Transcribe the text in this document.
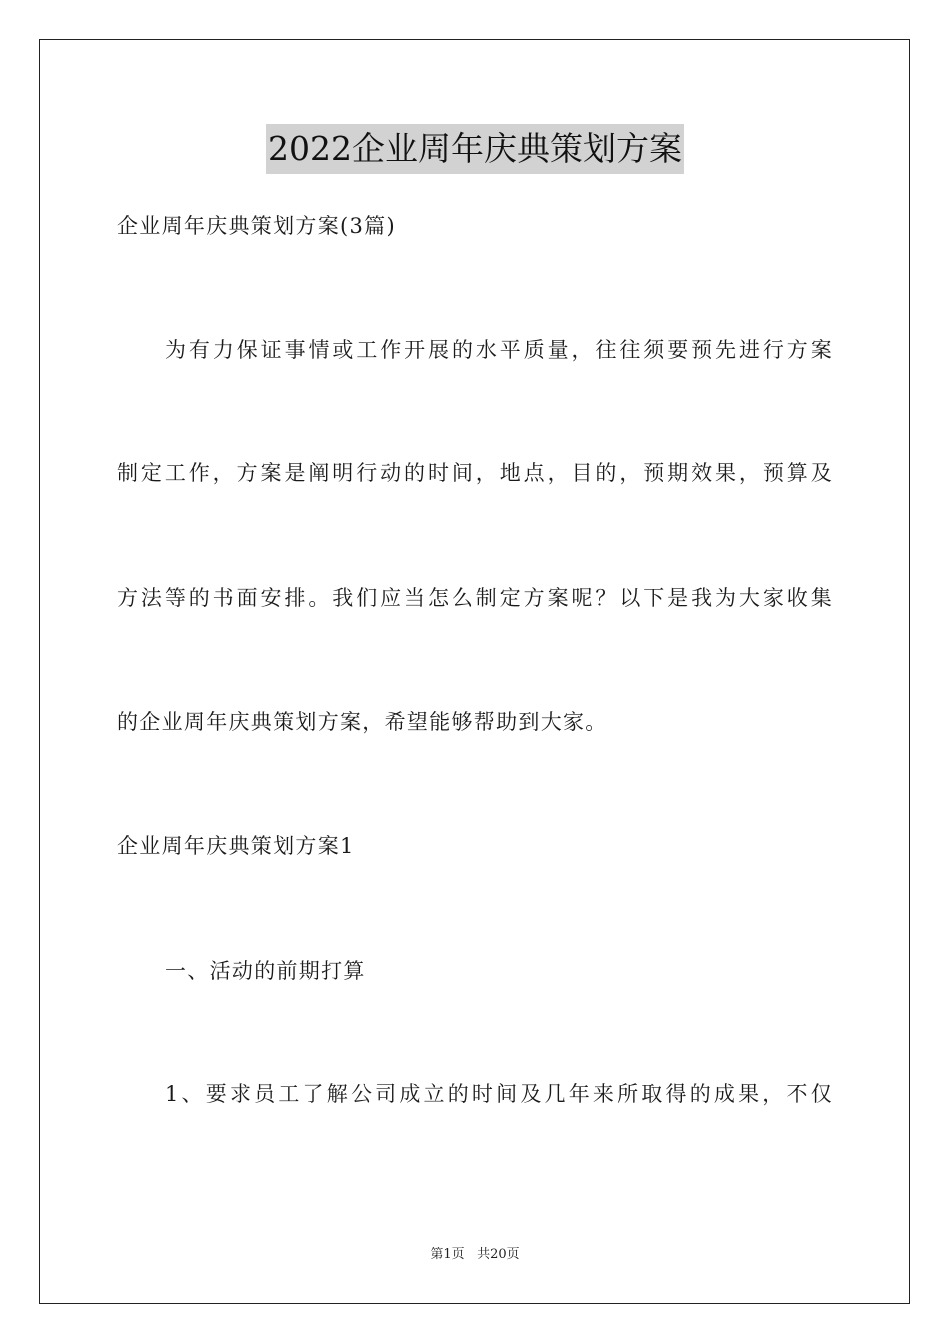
2022企业周年庆典策划方案
企业周年庆典策划方案(3篇)
为有力保证事情或工作开展的水平质量，往往须要预先进行方案
制定工作，方案是阐明行动的时间，地点，目的，预期效果，预算及
方法等的书面安排。我们应当怎么制定方案呢？以下是我为大家收集
的企业周年庆典策划方案，希望能够帮助到大家。
企业周年庆典策划方案1
一、活动的前期打算
1、要求员工了解公司成立的时间及几年来所取得的成果，不仅
第1页 共20页
